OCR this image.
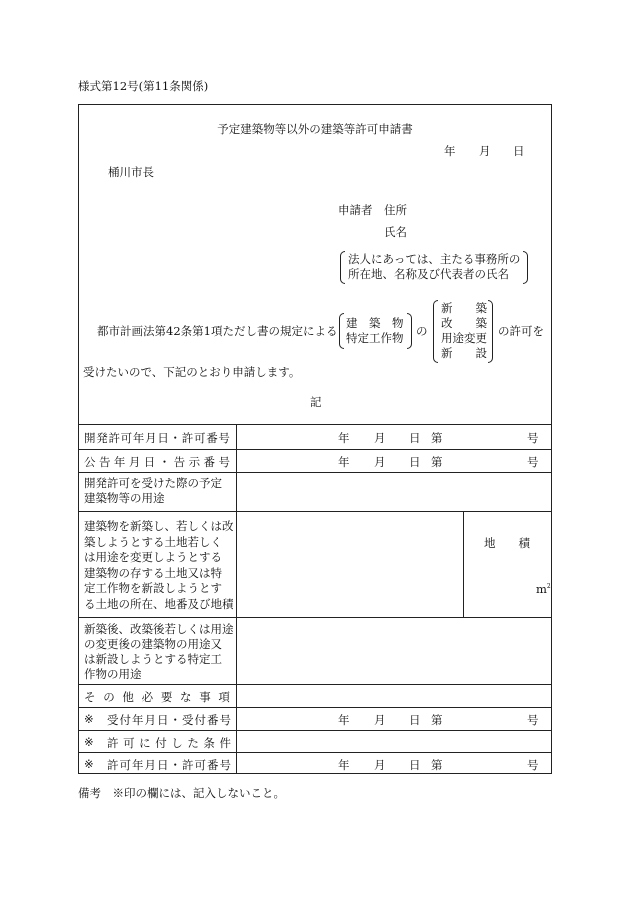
様式第12号(第11条関係)
予定建築物等以外の建築等許可申請書
年 月 日
桶川市長
申請者 住所
氏名
法人にあっては、主たる事務所の
所在地、名称及び代表者の氏名
都市計画法第42条第1項ただし書の規定による
建　築　物
特定工作物 の
新　　築
改　　築
用途変更
新　　設
の許可を
受けたいので、下記のとおり申請します。
記
開 発 許 可 年 月 日 ・ 許 可 番 号	年 月 日 第	号
公 告 年 月 日 ・ 告 示 番 号	年 月 日 第	号
開発許可を受けた際の予定
建築物等の用途
建築物を新築し、若しくは改
築しようとする土地若しく
は用途を変更しようとする
建築物の存する土地又は特
定工作物を新設しようとす
る土地の所在、地番及び地積
地　　積
$m^2$
新築後、改築後若しくは用途
の変更後の建築物の用途又
は新設しようとする特定工
作物の用途
そ の 他 必 要 な 事 項
※ 受 付 年 月 日 ・ 受 付 番 号	年 月 日 第	号
※ 許 可 に 付 し た 条 件
※ 許 可 年 月 日 ・ 許 可 番 号	年 月 日 第	号
備考　※印の欄には、記入しないこと。
